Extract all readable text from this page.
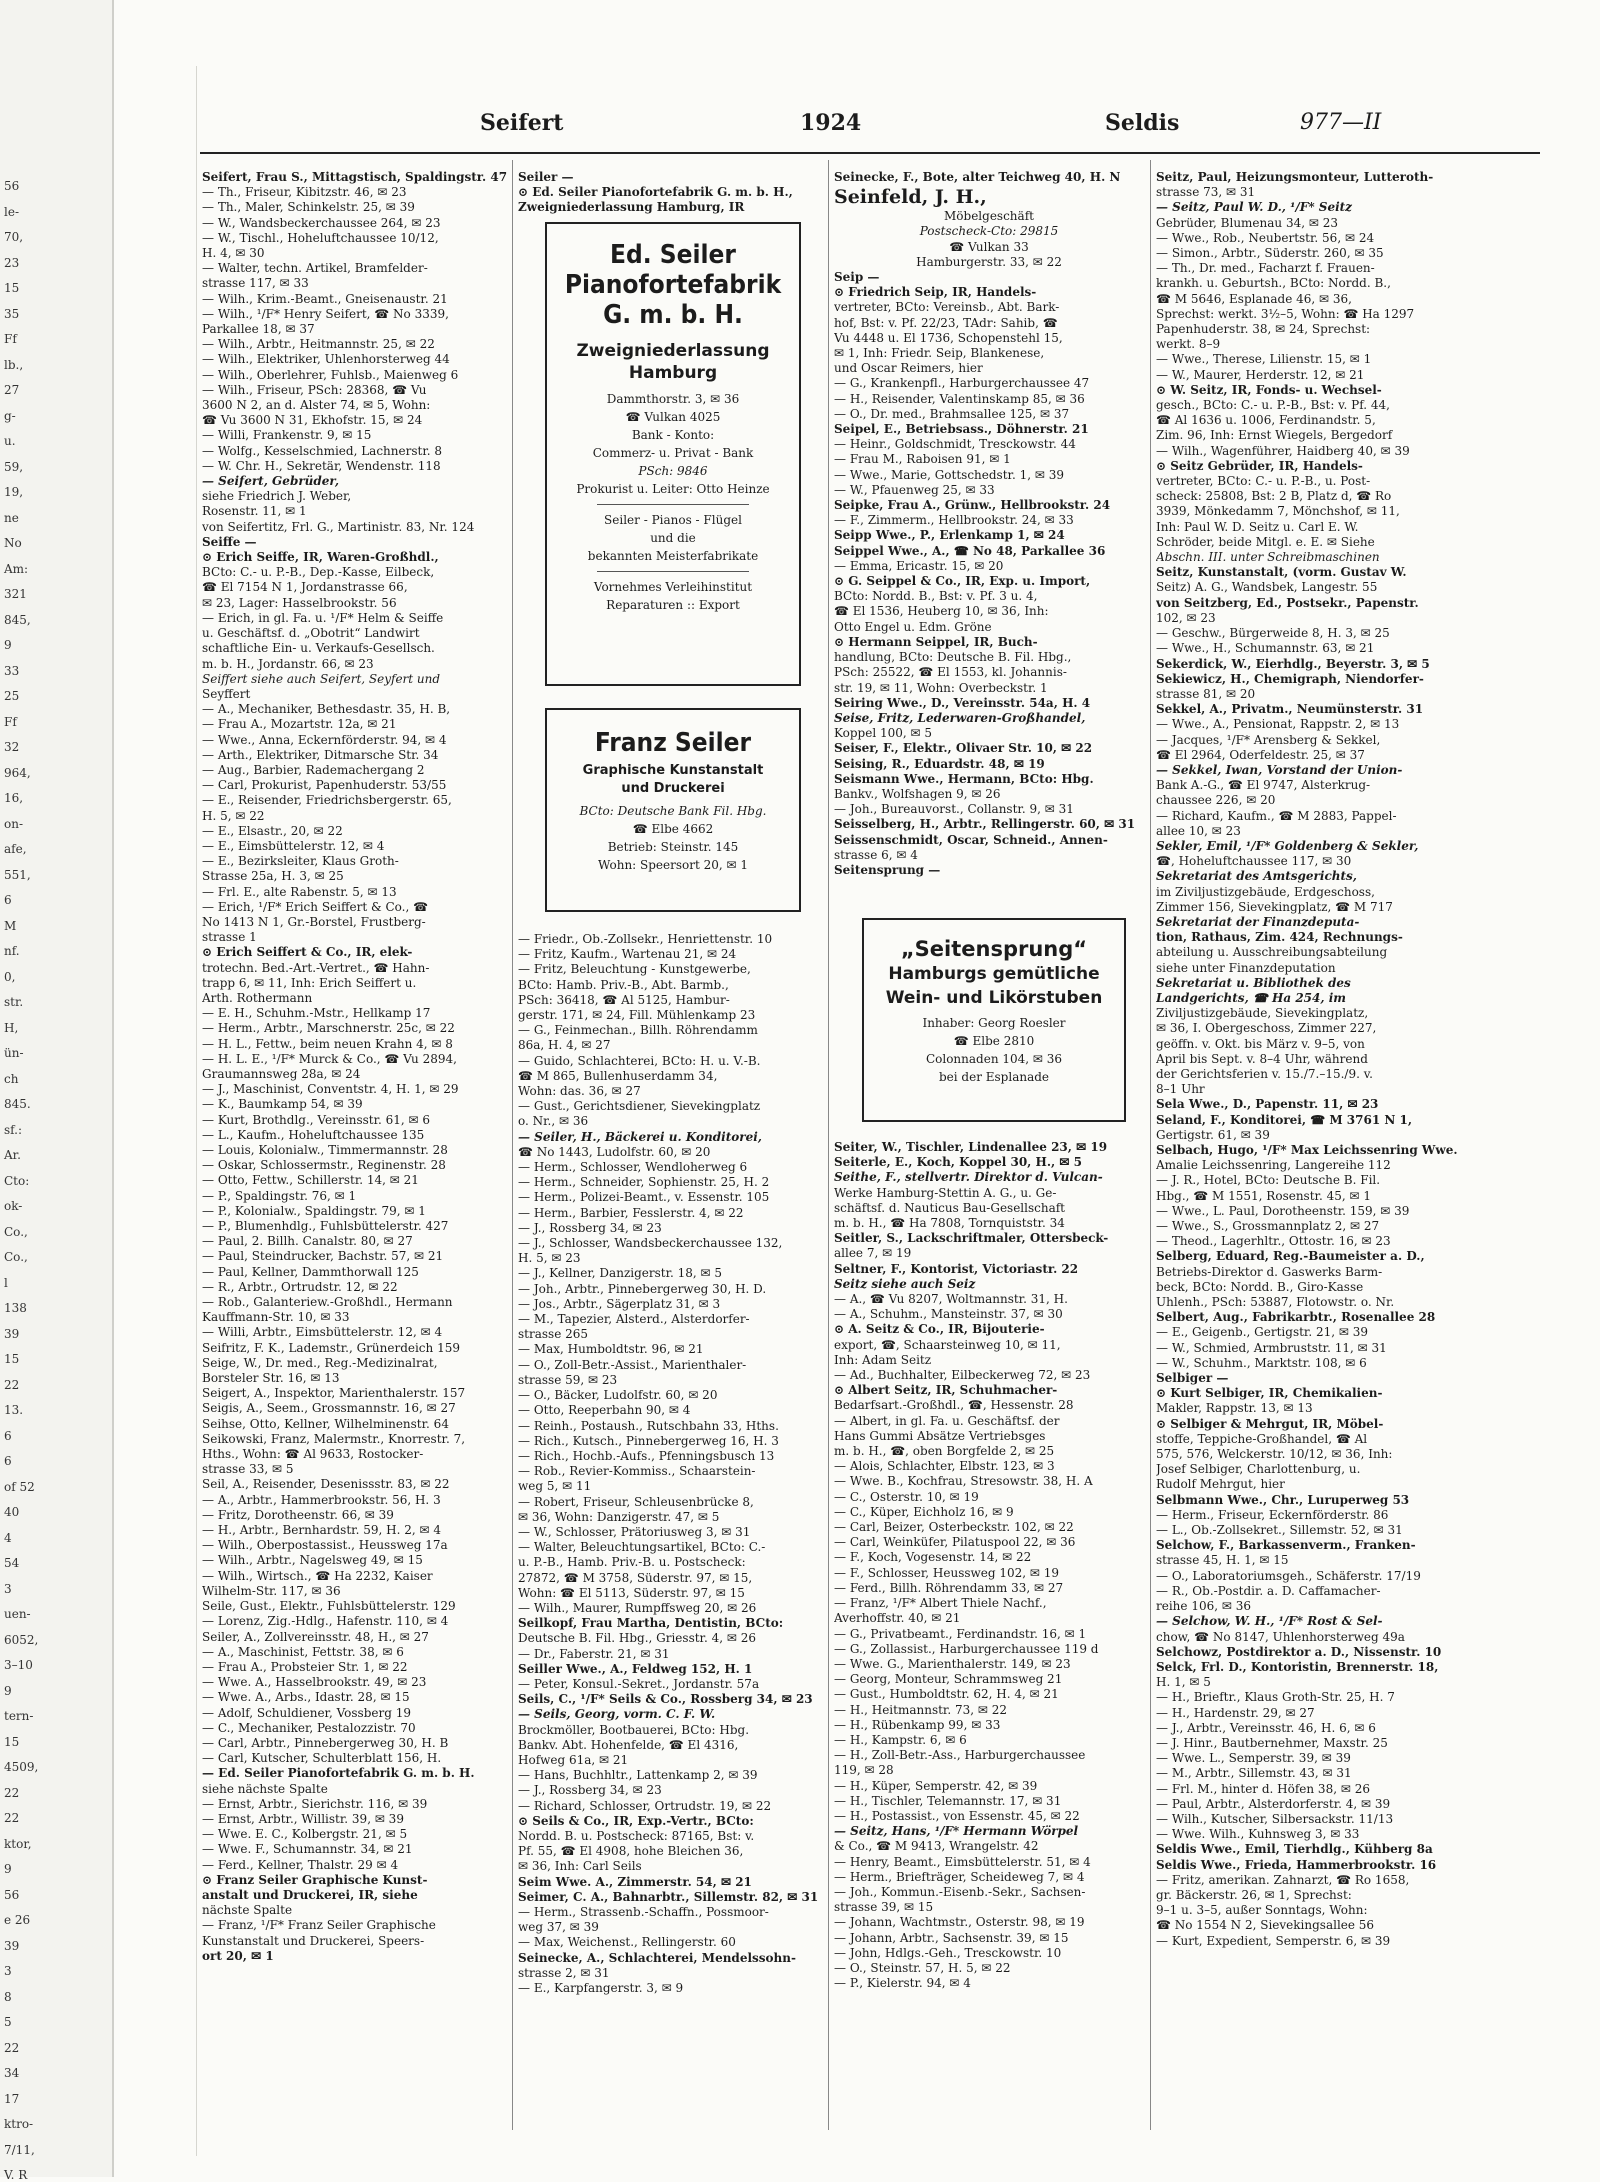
56
le-
70,
23
15
35
Ff
lb.,
27
g-
u.
59,
19,
ne
No
Am:
321
845,
9
33
25
Ff
32
964,
16,
on-
afe,
551,
6
M
nf.
0,
str.
H,
ün-
ch
845.
sf.:
Ar.
Cto:
ok-
Co.,
Co.,
l
138
39
15
22
13.
6
6
of 52
40
4
54
3
uen-
6052,
3–10
9
tern-
15
4509,
22
22
ktor,
9
56
e 26
39
3
8
5
22
34
17
ktro-
7/11,
V. R
Seifert	1924	Seldis	977—II
Seifert, Frau S., Mittagstisch, Spaldingstr. 47
— Th., Friseur, Kibitzstr. 46, ✉ 23
— Th., Maler, Schinkelstr. 25, ✉ 39
— W., Wandsbeckerchaussee 264, ✉ 23
— W., Tischl., Hoheluftchaussee 10/12,
H. 4, ✉ 30
— Walter, techn. Artikel, Bramfelder-
strasse 117, ✉ 33
— Wilh., Krim.-Beamt., Gneisenaustr. 21
— Wilh., ¹/F* Henry Seifert, ☎ No 3339,
Parkallee 18, ✉ 37
— Wilh., Arbtr., Heitmannstr. 25, ✉ 22
— Wilh., Elektriker, Uhlenhorsterweg 44
— Wilh., Oberlehrer, Fuhlsb., Maienweg 6
— Wilh., Friseur, PSch: 28368, ☎ Vu
3600 N 2, an d. Alster 74, ✉ 5, Wohn:
☎ Vu 3600 N 31, Ekhofstr. 15, ✉ 24
— Willi, Frankenstr. 9, ✉ 15
— Wolfg., Kesselschmied, Lachnerstr. 8
— W. Chr. H., Sekretär, Wendenstr. 118
— Seifert, Gebrüder,
siehe Friedrich J. Weber,
Rosenstr. 11, ✉ 1
von Seifertitz, Frl. G., Martinistr. 83, Nr. 124
Seiffe —
⊙ Erich Seiffe, IR, Waren-Großhdl.,
BCto: C.- u. P.-B., Dep.-Kasse, Eilbeck,
☎ El 7154 N 1, Jordanstrasse 66,
✉ 23, Lager: Hasselbrookstr. 56
— Erich, in gl. Fa. u. ¹/F* Helm & Seiffe
u. Geschäftsf. d. „Obotrit“ Landwirt
schaftliche Ein- u. Verkaufs-Gesellsch.
m. b. H., Jordanstr. 66, ✉ 23
Seiffert siehe auch Seifert, Seyfert und
Seyffert
— A., Mechaniker, Bethesdastr. 35, H. B,
— Frau A., Mozartstr. 12a, ✉ 21
— Wwe., Anna, Eckernförderstr. 94, ✉ 4
— Arth., Elektriker, Ditmarsche Str. 34
— Aug., Barbier, Rademachergang 2
— Carl, Prokurist, Papenhuderstr. 53/55
— E., Reisender, Friedrichsbergerstr. 65,
H. 5, ✉ 22
— E., Elsastr., 20, ✉ 22
— E., Eimsbüttelerstr. 12, ✉ 4
— E., Bezirksleiter, Klaus Groth-
Strasse 25a, H. 3, ✉ 25
— Frl. E., alte Rabenstr. 5, ✉ 13
— Erich, ¹/F* Erich Seiffert & Co., ☎
No 1413 N 1, Gr.-Borstel, Frustberg-
strasse 1
⊙ Erich Seiffert & Co., IR, elek-
trotechn. Bed.-Art.-Vertret., ☎ Hahn-
trapp 6, ✉ 11, Inh: Erich Seiffert u.
Arth. Rothermann
— E. H., Schuhm.-Mstr., Hellkamp 17
— Herm., Arbtr., Marschnerstr. 25c, ✉ 22
— H. L., Fettw., beim neuen Krahn 4, ✉ 8
— H. L. E., ¹/F* Murck & Co., ☎ Vu 2894,
Graumannsweg 28a, ✉ 24
— J., Maschinist, Conventstr. 4, H. 1, ✉ 29
— K., Baumkamp 54, ✉ 39
— Kurt, Brothdlg., Vereinsstr. 61, ✉ 6
— L., Kaufm., Hoheluftchaussee 135
— Louis, Kolonialw., Timmermannstr. 28
— Oskar, Schlossermstr., Reginenstr. 28
— Otto, Fettw., Schillerstr. 14, ✉ 21
— P., Spaldingstr. 76, ✉ 1
— P., Kolonialw., Spaldingstr. 79, ✉ 1
— P., Blumenhdlg., Fuhlsbüttelerstr. 427
— Paul, 2. Billh. Canalstr. 80, ✉ 27
— Paul, Steindrucker, Bachstr. 57, ✉ 21
— Paul, Kellner, Dammthorwall 125
— R., Arbtr., Ortrudstr. 12, ✉ 22
— Rob., Galanteriew.-Großhdl., Hermann
Kauffmann-Str. 10, ✉ 33
— Willi, Arbtr., Eimsbüttelerstr. 12, ✉ 4
Seifritz, F. K., Lademstr., Grünerdeich 159
Seige, W., Dr. med., Reg.-Medizinalrat,
Borsteler Str. 16, ✉ 13
Seigert, A., Inspektor, Marienthalerstr. 157
Seigis, A., Seem., Grossmannstr. 16, ✉ 27
Seihse, Otto, Kellner, Wilhelminenstr. 64
Seikowski, Franz, Malermstr., Knorrestr. 7,
Hths., Wohn: ☎ Al 9633, Rostocker-
strasse 33, ✉ 5
Seil, A., Reisender, Desenissstr. 83, ✉ 22
— A., Arbtr., Hammerbrookstr. 56, H. 3
— Fritz, Dorotheenstr. 66, ✉ 39
— H., Arbtr., Bernhardstr. 59, H. 2, ✉ 4
— Wilh., Oberpostassist., Heussweg 17a
— Wilh., Arbtr., Nagelsweg 49, ✉ 15
— Wilh., Wirtsch., ☎ Ha 2232, Kaiser
Wilhelm-Str. 117, ✉ 36
Seile, Gust., Elektr., Fuhlsbüttelerstr. 129
— Lorenz, Zig.-Hdlg., Hafenstr. 110, ✉ 4
Seiler, A., Zollvereinsstr. 48, H., ✉ 27
— A., Maschinist, Fettstr. 38, ✉ 6
— Frau A., Probsteier Str. 1, ✉ 22
— Wwe. A., Hasselbrookstr. 49, ✉ 23
— Wwe. A., Arbs., Idastr. 28, ✉ 15
— Adolf, Schuldiener, Vossberg 19
— C., Mechaniker, Pestalozzistr. 70
— Carl, Arbtr., Pinnebergerweg 30, H. B
— Carl, Kutscher, Schulterblatt 156, H.
— Ed. Seiler Pianofortefabrik G. m. b. H.
siehe nächste Spalte
— Ernst, Arbtr., Sierichstr. 116, ✉ 39
— Ernst, Arbtr., Willistr. 39, ✉ 39
— Wwe. E. C., Kolbergstr. 21, ✉ 5
— Wwe. F., Schumannstr. 34, ✉ 21
— Ferd., Kellner, Thalstr. 29 ✉ 4
⊙ Franz Seiler Graphische Kunst-
anstalt und Druckerei, IR, siehe
nächste Spalte
— Franz, ¹/F* Franz Seiler Graphische
Kunstanstalt und Druckerei, Speers-
ort 20, ✉ 1
Seiler —
⊙ Ed. Seiler Pianofortefabrik G. m. b. H.,
Zweigniederlassung Hamburg, IR
Ed. Seiler
Pianofortefabrik
G. m. b. H.
Zweigniederlassung
Hamburg
Dammthorstr. 3, ✉ 36
☎ Vulkan 4025
Bank - Konto:
Commerz- u. Privat - Bank
PSch: 9846
Prokurist u. Leiter: Otto Heinze
Seiler - Pianos - Flügel
und die
bekannten Meisterfabrikate
Vornehmes Verleihinstitut
Reparaturen :: Export
Franz Seiler
Graphische Kunstanstalt
und Druckerei
BCto: Deutsche Bank Fil. Hbg.
☎ Elbe 4662
Betrieb: Steinstr. 145
Wohn: Speersort 20, ✉ 1
— Friedr., Ob.-Zollsekr., Henriettenstr. 10
— Fritz, Kaufm., Wartenau 21, ✉ 24
— Fritz, Beleuchtung - Kunstgewerbe,
BCto: Hamb. Priv.-B., Abt. Barmb.,
PSch: 36418, ☎ Al 5125, Hambur-
gerstr. 171, ✉ 24, Fill. Mühlenkamp 23
— G., Feinmechan., Billh. Röhrendamm
86a, H. 4, ✉ 27
— Guido, Schlachterei, BCto: H. u. V.-B.
☎ M 865, Bullenhuserdamm 34,
Wohn: das. 36, ✉ 27
— Gust., Gerichtsdiener, Sievekingplatz
o. Nr., ✉ 36
— Seiler, H., Bäckerei u. Konditorei,
☎ No 1443, Ludolfstr. 60, ✉ 20
— Herm., Schlosser, Wendloherweg 6
— Herm., Schneider, Sophienstr. 25, H. 2
— Herm., Polizei-Beamt., v. Essenstr. 105
— Herm., Barbier, Fesslerstr. 4, ✉ 22
— J., Rossberg 34, ✉ 23
— J., Schlosser, Wandsbeckerchaussee 132,
H. 5, ✉ 23
— J., Kellner, Danzigerstr. 18, ✉ 5
— Joh., Arbtr., Pinnebergerweg 30, H. D.
— Jos., Arbtr., Sägerplatz 31, ✉ 3
— M., Tapezier, Alsterd., Alsterdorfer-
strasse 265
— Max, Humboldtstr. 96, ✉ 21
— O., Zoll-Betr.-Assist., Marienthaler-
strasse 59, ✉ 23
— O., Bäcker, Ludolfstr. 60, ✉ 20
— Otto, Reeperbahn 90, ✉ 4
— Reinh., Postaush., Rutschbahn 33, Hths.
— Rich., Kutsch., Pinnebergerweg 16, H. 3
— Rich., Hochb.-Aufs., Pfenningsbusch 13
— Rob., Revier-Kommiss., Schaarstein-
weg 5, ✉ 11
— Robert, Friseur, Schleusenbrücke 8,
✉ 36, Wohn: Danzigerstr. 47, ✉ 5
— W., Schlosser, Prätoriusweg 3, ✉ 31
— Walter, Beleuchtungsartikel, BCto: C.-
u. P.-B., Hamb. Priv.-B. u. Postscheck:
27872, ☎ M 3758, Süderstr. 97, ✉ 15,
Wohn: ☎ El 5113, Süderstr. 97, ✉ 15
— Wilh., Maurer, Rumpffsweg 20, ✉ 26
Seilkopf, Frau Martha, Dentistin, BCto:
Deutsche B. Fil. Hbg., Griesstr. 4, ✉ 26
— Dr., Faberstr. 21, ✉ 31
Seiller Wwe., A., Feldweg 152, H. 1
— Peter, Konsul.-Sekret., Jordanstr. 57a
Seils, C., ¹/F* Seils & Co., Rossberg 34, ✉ 23
— Seils, Georg, vorm. C. F. W.
Brockmöller, Bootbauerei, BCto: Hbg.
Bankv. Abt. Hohenfelde, ☎ El 4316,
Hofweg 61a, ✉ 21
— Hans, Buchhltr., Lattenkamp 2, ✉ 39
— J., Rossberg 34, ✉ 23
— Richard, Schlosser, Ortrudstr. 19, ✉ 22
⊙ Seils & Co., IR, Exp.-Vertr., BCto:
Nordd. B. u. Postscheck: 87165, Bst: v.
Pf. 55, ☎ El 4908, hohe Bleichen 36,
✉ 36, Inh: Carl Seils
Seim Wwe. A., Zimmerstr. 54, ✉ 21
Seimer, C. A., Bahnarbtr., Sillemstr. 82, ✉ 31
— Herm., Strassenb.-Schaffn., Possmoor-
weg 37, ✉ 39
— Max, Weichenst., Rellingerstr. 60
Seinecke, A., Schlachterei, Mendelssohn-
strasse 2, ✉ 31
— E., Karpfangerstr. 3, ✉ 9
Seinecke, F., Bote, alter Teichweg 40, H. N
Seinfeld, J. H.,
Möbelgeschäft
Postscheck-Cto: 29815
☎ Vulkan 33
Hamburgerstr. 33, ✉ 22
Seip —
⊙ Friedrich Seip, IR, Handels-
vertreter, BCto: Vereinsb., Abt. Bark-
hof, Bst: v. Pf. 22/23, TAdr: Sahib, ☎
Vu 4448 u. El 1736, Schopenstehl 15,
✉ 1, Inh: Friedr. Seip, Blankenese,
und Oscar Reimers, hier
— G., Krankenpfl., Harburgerchaussee 47
— H., Reisender, Valentinskamp 85, ✉ 36
— O., Dr. med., Brahmsallee 125, ✉ 37
Seipel, E., Betriebsass., Döhnerstr. 21
— Heinr., Goldschmidt, Tresckowstr. 44
— Frau M., Raboisen 91, ✉ 1
— Wwe., Marie, Gottschedstr. 1, ✉ 39
— W., Pfauenweg 25, ✉ 33
Seipke, Frau A., Grünw., Hellbrookstr. 24
— F., Zimmerm., Hellbrookstr. 24, ✉ 33
Seipp Wwe., P., Erlenkamp 1, ✉ 24
Seippel Wwe., A., ☎ No 48, Parkallee 36
— Emma, Ericastr. 15, ✉ 20
⊙ G. Seippel & Co., IR, Exp. u. Import,
BCto: Nordd. B., Bst: v. Pf. 3 u. 4,
☎ El 1536, Heuberg 10, ✉ 36, Inh:
Otto Engel u. Edm. Gröne
⊙ Hermann Seippel, IR, Buch-
handlung, BCto: Deutsche B. Fil. Hbg.,
PSch: 25522, ☎ El 1553, kl. Johannis-
str. 19, ✉ 11, Wohn: Overbeckstr. 1
Seiring Wwe., D., Vereinsstr. 54a, H. 4
Seise, Fritz, Lederwaren-Großhandel,
Koppel 100, ✉ 5
Seiser, F., Elektr., Olivaer Str. 10, ✉ 22
Seising, R., Eduardstr. 48, ✉ 19
Seismann Wwe., Hermann, BCto: Hbg.
Bankv., Wolfshagen 9, ✉ 26
— Joh., Bureauvorst., Collanstr. 9, ✉ 31
Seisselberg, H., Arbtr., Rellingerstr. 60, ✉ 31
Seissenschmidt, Oscar, Schneid., Annen-
strasse 6, ✉ 4
Seitensprung —
„Seitensprung“
Hamburgs gemütliche
Wein- und Likörstuben
Inhaber: Georg Roesler
☎ Elbe 2810
Colonnaden 104, ✉ 36
bei der Esplanade
Seiter, W., Tischler, Lindenallee 23, ✉ 19
Seiterle, E., Koch, Koppel 30, H., ✉ 5
Seithe, F., stellvertr. Direktor d. Vulcan-
Werke Hamburg-Stettin A. G., u. Ge-
schäftsf. d. Nauticus Bau-Gesellschaft
m. b. H., ☎ Ha 7808, Tornquiststr. 34
Seitler, S., Lackschriftmaler, Ottersbeck-
allee 7, ✉ 19
Seltner, F., Kontorist, Victoriastr. 22
Seitz siehe auch Seiz
— A., ☎ Vu 8207, Woltmannstr. 31, H.
— A., Schuhm., Mansteinstr. 37, ✉ 30
⊙ A. Seitz & Co., IR, Bijouterie-
export, ☎, Schaarsteinweg 10, ✉ 11,
Inh: Adam Seitz
— Ad., Buchhalter, Eilbeckerweg 72, ✉ 23
⊙ Albert Seitz, IR, Schuhmacher-
Bedarfsart.-Großhdl., ☎, Hessenstr. 28
— Albert, in gl. Fa. u. Geschäftsf. der
Hans Gummi Absätze Vertriebsges
m. b. H., ☎, oben Borgfelde 2, ✉ 25
— Alois, Schlachter, Elbstr. 123, ✉ 3
— Wwe. B., Kochfrau, Stresowstr. 38, H. A
— C., Osterstr. 10, ✉ 19
— C., Küper, Eichholz 16, ✉ 9
— Carl, Beizer, Osterbeckstr. 102, ✉ 22
— Carl, Weinküfer, Pilatuspool 22, ✉ 36
— F., Koch, Vogesenstr. 14, ✉ 22
— F., Schlosser, Heussweg 102, ✉ 19
— Ferd., Billh. Röhrendamm 33, ✉ 27
— Franz, ¹/F* Albert Thiele Nachf.,
Averhoffstr. 40, ✉ 21
— G., Privatbeamt., Ferdinandstr. 16, ✉ 1
— G., Zollassist., Harburgerchaussee 119 d
— Wwe. G., Marienthalerstr. 149, ✉ 23
— Georg, Monteur, Schrammsweg 21
— Gust., Humboldtstr. 62, H. 4, ✉ 21
— H., Heitmannstr. 73, ✉ 22
— H., Rübenkamp 99, ✉ 33
— H., Kampstr. 6, ✉ 6
— H., Zoll-Betr.-Ass., Harburgerchaussee
119, ✉ 28
— H., Küper, Semperstr. 42, ✉ 39
— H., Tischler, Telemannstr. 17, ✉ 31
— H., Postassist., von Essenstr. 45, ✉ 22
— Seitz, Hans, ¹/F* Hermann Wörpel
& Co., ☎ M 9413, Wrangelstr. 42
— Henry, Beamt., Eimsbüttelerstr. 51, ✉ 4
— Herm., Briefträger, Scheideweg 7, ✉ 4
— Joh., Kommun.-Eisenb.-Sekr., Sachsen-
strasse 39, ✉ 15
— Johann, Wachtmstr., Osterstr. 98, ✉ 19
— Johann, Arbtr., Sachsenstr. 39, ✉ 15
— John, Hdlgs.-Geh., Tresckowstr. 10
— O., Steinstr. 57, H. 5, ✉ 22
— P., Kielerstr. 94, ✉ 4
Seitz, Paul, Heizungsmonteur, Lutteroth-
strasse 73, ✉ 31
— Seitz, Paul W. D., ¹/F* Seitz
Gebrüder, Blumenau 34, ✉ 23
— Wwe., Rob., Neubertstr. 56, ✉ 24
— Simon., Arbtr., Süderstr. 260, ✉ 35
— Th., Dr. med., Facharzt f. Frauen-
krankh. u. Geburtsh., BCto: Nordd. B.,
☎ M 5646, Esplanade 46, ✉ 36,
Sprechst: werkt. 3½–5, Wohn: ☎ Ha 1297
Papenhuderstr. 38, ✉ 24, Sprechst:
werkt. 8–9
— Wwe., Therese, Lilienstr. 15, ✉ 1
— W., Maurer, Herderstr. 12, ✉ 21
⊙ W. Seitz, IR, Fonds- u. Wechsel-
gesch., BCto: C.- u. P.-B., Bst: v. Pf. 44,
☎ Al 1636 u. 1006, Ferdinandstr. 5,
Zim. 96, Inh: Ernst Wiegels, Bergedorf
— Wilh., Wagenführer, Haidberg 40, ✉ 39
⊙ Seitz Gebrüder, IR, Handels-
vertreter, BCto: C.- u. P.-B., u. Post-
scheck: 25808, Bst: 2 B, Platz d, ☎ Ro
3939, Mönkedamm 7, Mönchshof, ✉ 11,
Inh: Paul W. D. Seitz u. Carl E. W.
Schröder, beide Mitgl. e. E. ✉ Siehe
Abschn. III. unter Schreibmaschinen
Seitz, Kunstanstalt, (vorm. Gustav W.
Seitz) A. G., Wandsbek, Langestr. 55
von Seitzberg, Ed., Postsekr., Papenstr.
102, ✉ 23
— Geschw., Bürgerweide 8, H. 3, ✉ 25
— Wwe., H., Schumannstr. 63, ✉ 21
Sekerdick, W., Eierhdlg., Beyerstr. 3, ✉ 5
Sekiewicz, H., Chemigraph, Niendorfer-
strasse 81, ✉ 20
Sekkel, A., Privatm., Neumünsterstr. 31
— Wwe., A., Pensionat, Rappstr. 2, ✉ 13
— Jacques, ¹/F* Arensberg & Sekkel,
☎ El 2964, Oderfeldestr. 25, ✉ 37
— Sekkel, Iwan, Vorstand der Union-
Bank A.-G., ☎ El 9747, Alsterkrug-
chaussee 226, ✉ 20
— Richard, Kaufm., ☎ M 2883, Pappel-
allee 10, ✉ 23
Sekler, Emil, ¹/F* Goldenberg & Sekler,
☎, Hoheluftchaussee 117, ✉ 30
Sekretariat des Amtsgerichts,
im Ziviljustizgebäude, Erdgeschoss,
Zimmer 156, Sievekingplatz, ☎ M 717
Sekretariat der Finanzdeputa-
tion, Rathaus, Zim. 424, Rechnungs-
abteilung u. Ausschreibungsabteilung
siehe unter Finanzdeputation
Sekretariat u. Bibliothek des
Landgerichts, ☎ Ha 254, im
Ziviljustizgebäude, Sievekingplatz,
✉ 36, I. Obergeschoss, Zimmer 227,
geöffn. v. Okt. bis März v. 9–5, von
April bis Sept. v. 8–4 Uhr, während
der Gerichtsferien v. 15./7.–15./9. v.
8–1 Uhr
Sela Wwe., D., Papenstr. 11, ✉ 23
Seland, F., Konditorei, ☎ M 3761 N 1,
Gertigstr. 61, ✉ 39
Selbach, Hugo, ¹/F* Max Leichssenring Wwe.
Amalie Leichssenring, Langereihe 112
— J. R., Hotel, BCto: Deutsche B. Fil.
Hbg., ☎ M 1551, Rosenstr. 45, ✉ 1
— Wwe., L. Paul, Dorotheenstr. 159, ✉ 39
— Wwe., S., Grossmannplatz 2, ✉ 27
— Theod., Lagerhltr., Ottostr. 16, ✉ 23
Selberg, Eduard, Reg.-Baumeister a. D.,
Betriebs-Direktor d. Gaswerks Barm-
beck, BCto: Nordd. B., Giro-Kasse
Uhlenh., PSch: 53887, Flotowstr. o. Nr.
Selbert, Aug., Fabrikarbtr., Rosenallee 28
— E., Geigenb., Gertigstr. 21, ✉ 39
— W., Schmied, Armbruststr. 11, ✉ 31
— W., Schuhm., Marktstr. 108, ✉ 6
Selbiger —
⊙ Kurt Selbiger, IR, Chemikalien-
Makler, Rappstr. 13, ✉ 13
⊙ Selbiger & Mehrgut, IR, Möbel-
stoffe, Teppiche-Großhandel, ☎ Al
575, 576, Welckerstr. 10/12, ✉ 36, Inh:
Josef Selbiger, Charlottenburg, u.
Rudolf Mehrgut, hier
Selbmann Wwe., Chr., Luruperweg 53
— Herm., Friseur, Eckernförderstr. 86
— L., Ob.-Zollsekret., Sillemstr. 52, ✉ 31
Selchow, F., Barkassenverm., Franken-
strasse 45, H. 1, ✉ 15
— O., Laboratoriumsgeh., Schäferstr. 17/19
— R., Ob.-Postdir. a. D. Caffamacher-
reihe 106, ✉ 36
— Selchow, W. H., ¹/F* Rost & Sel-
chow, ☎ No 8147, Uhlenhorsterweg 49a
Selchowz, Postdirektor a. D., Nissenstr. 10
Selck, Frl. D., Kontoristin, Brennerstr. 18,
H. 1, ✉ 5
— H., Brieftr., Klaus Groth-Str. 25, H. 7
— H., Hardenstr. 29, ✉ 27
— J., Arbtr., Vereinsstr. 46, H. 6, ✉ 6
— J. Hinr., Bautbernehmer, Maxstr. 25
— Wwe. L., Semperstr. 39, ✉ 39
— M., Arbtr., Sillemstr. 43, ✉ 31
— Frl. M., hinter d. Höfen 38, ✉ 26
— Paul, Arbtr., Alsterdorferstr. 4, ✉ 39
— Wilh., Kutscher, Silbersackstr. 11/13
— Wwe. Wilh., Kuhnsweg 3, ✉ 33
Seldis Wwe., Emil, Tierhdlg., Kühberg 8a
Seldis Wwe., Frieda, Hammerbrookstr. 16
— Fritz, amerikan. Zahnarzt, ☎ Ro 1658,
gr. Bäckerstr. 26, ✉ 1, Sprechst:
9–1 u. 3–5, außer Sonntags, Wohn:
☎ No 1554 N 2, Sievekingsallee 56
— Kurt, Expedient, Semperstr. 6, ✉ 39
